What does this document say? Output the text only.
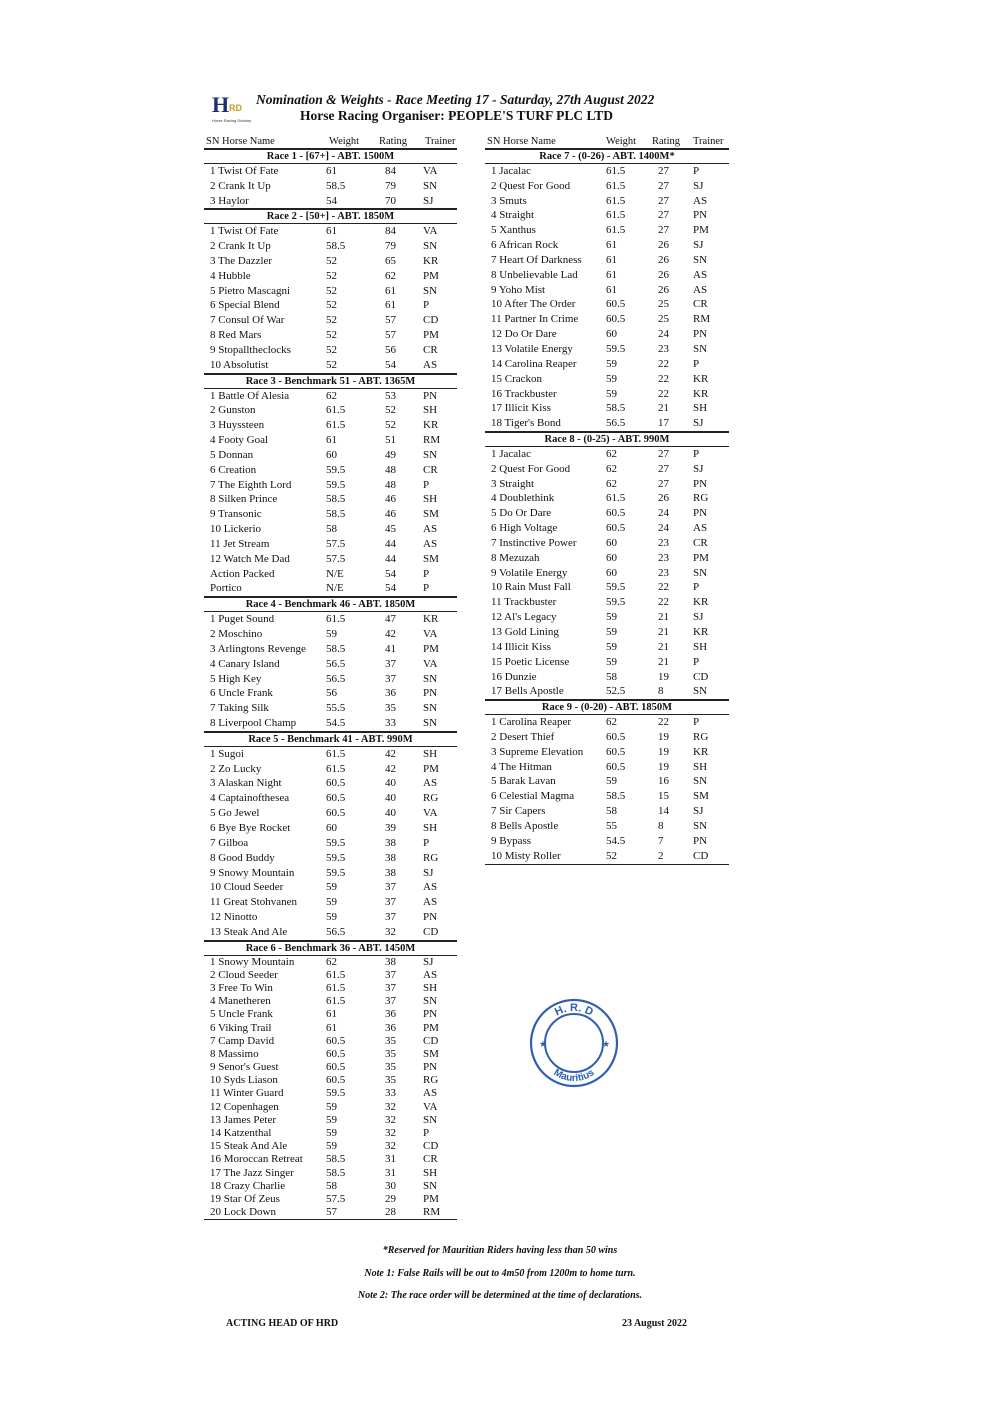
H RD
Horse Racing Division
Nomination & Weights - Race Meeting 17 - Saturday, 27th August 2022
Horse Racing Organiser: PEOPLE'S TURF PLC LTD
SN Horse Name	Weight Rating Trainer
Race 1 - [67+] - ABT. 1500M
1 Twist Of Fate	61	84 VA
2 Crank It Up	58.5	79 SN
3 Haylor	54	70 SJ
Race 2 - [50+] - ABT. 1850M
1 Twist Of Fate	61	84 VA
2 Crank It Up	58.5	79 SN
3 The Dazzler	52	65 KR
4 Hubble	52	62 PM
5 Pietro Mascagni	52	61 SN
6 Special Blend	52	61 P
7 Consul Of War	52	57 CD
8 Red Mars	52	57 PM
9 Stopalltheclocks	52	56 CR
10 Absolutist	52	54 AS
Race 3 - Benchmark 51 - ABT. 1365M
1 Battle Of Alesia	62	53 PN
2 Gunston	61.5	52 SH
3 Huyssteen	61.5	52 KR
4 Footy Goal	61	51 RM
5 Donnan	60	49 SN
6 Creation	59.5	48 CR
7 The Eighth Lord	59.5	48 P
8 Silken Prince	58.5	46 SH
9 Transonic	58.5	46 SM
10 Lickerio	58	45 AS
11 Jet Stream	57.5	44 AS
12 Watch Me Dad	57.5	44 SM
Action Packed	N/E	54 P
Portico	N/E	54 P
Race 4 - Benchmark 46 - ABT. 1850M
1 Puget Sound	61.5	47 KR
2 Moschino	59	42 VA
3 Arlingtons Revenge 58.5	41 PM
4 Canary Island	56.5	37 VA
5 High Key	56.5	37 SN
6 Uncle Frank	56	36 PN
7 Taking Silk	55.5	35 SN
8 Liverpool Champ	54.5	33 SN
Race 5 - Benchmark 41 - ABT. 990M
1 Sugoi	61.5	42 SH
2 Zo Lucky	61.5	42 PM
3 Alaskan Night	60.5	40 AS
4 Captainofthesea	60.5	40 RG
5 Go Jewel	60.5	40 VA
6 Bye Bye Rocket	60	39 SH
7 Gilboa	59.5	38 P
8 Good Buddy	59.5	38 RG
9 Snowy Mountain	59.5	38 SJ
10 Cloud Seeder	59	37 AS
11 Great Stohvanen	59	37 AS
12 Ninotto	59	37 PN
13 Steak And Ale	56.5	32 CD
Race 6 - Benchmark 36 - ABT. 1450M
1 Snowy Mountain	62	38 SJ
2 Cloud Seeder	61.5	37 AS
3 Free To Win	61.5	37 SH
4 Manetheren	61.5	37 SN
5 Uncle Frank	61	36 PN
6 Viking Trail	61	36 PM
7 Camp David	60.5	35 CD
8 Massimo	60.5	35 SM
9 Senor's Guest	60.5	35 PN
10 Syds Liason	60.5	35 RG
11 Winter Guard	59.5	33 AS
12 Copenhagen	59	32 VA
13 James Peter	59	32 SN
14 Katzenthal	59	32 P
15 Steak And Ale	59	32 CD
16 Moroccan Retreat 58.5	31 CR
17 The Jazz Singer	58.5	31 SH
18 Crazy Charlie	58	30 SN
19 Star Of Zeus	57.5	29 PM
20 Lock Down	57	28 RM
SN Horse Name	Weight Rating Trainer
Race 7 - (0-26) - ABT. 1400M*
1 Jacalac	61.5	27 P
2 Quest For Good	61.5	27 SJ
3 Smuts	61.5	27 AS
4 Straight	61.5	27 PN
5 Xanthus	61.5	27 PM
6 African Rock	61	26 SJ
7 Heart Of Darkness 61	26 SN
8 Unbelievable Lad	61	26 AS
9 Yoho Mist	61	26 AS
10 After The Order	60.5	25 CR
11 Partner In Crime	60.5	25 RM
12 Do Or Dare	60	24 PN
13 Volatile Energy	59.5	23 SN
14 Carolina Reaper	59	22 P
15 Crackon	59	22 KR
16 Trackbuster	59	22 KR
17 Illicit Kiss	58.5	21 SH
18 Tiger's Bond	56.5	17 SJ
Race 8 - (0-25) - ABT. 990M
1 Jacalac	62	27 P
2 Quest For Good	62	27 SJ
3 Straight	62	27 PN
4 Doublethink	61.5	26 RG
5 Do Or Dare	60.5	24 PN
6 High Voltage	60.5	24 AS
7 Instinctive Power	60	23 CR
8 Mezuzah	60	23 PM
9 Volatile Energy	60	23 SN
10 Rain Must Fall	59.5	22 P
11 Trackbuster	59.5	22 KR
12 Al's Legacy	59	21 SJ
13 Gold Lining	59	21 KR
14 Illicit Kiss	59	21 SH
15 Poetic License	59	21 P
16 Dunzie	58	19 CD
17 Bells Apostle	52.5	8	SN
Race 9 - (0-20) - ABT. 1850M
1 Carolina Reaper	62	22 P
2 Desert Thief	60.5	19 RG
3 Supreme Elevation 60.5	19 KR
4 The Hitman	60.5	19 SH
5 Barak Lavan	59	16 SN
6 Celestial Magma	58.5	15 SM
7 Sir Capers	58	14 SJ
8 Bells Apostle	55	8	SN
9 Bypass	54.5	7	PN
10 Misty Roller	52	2	CD
H. R. D
Mauritius
★	★
*Reserved for Mauritian Riders having less than 50 wins
Note 1: False Rails will be out to 4m50 from 1200m to home turn.
Note 2: The race order will be determined at the time of declarations.
ACTING HEAD OF HRD	23 August 2022
